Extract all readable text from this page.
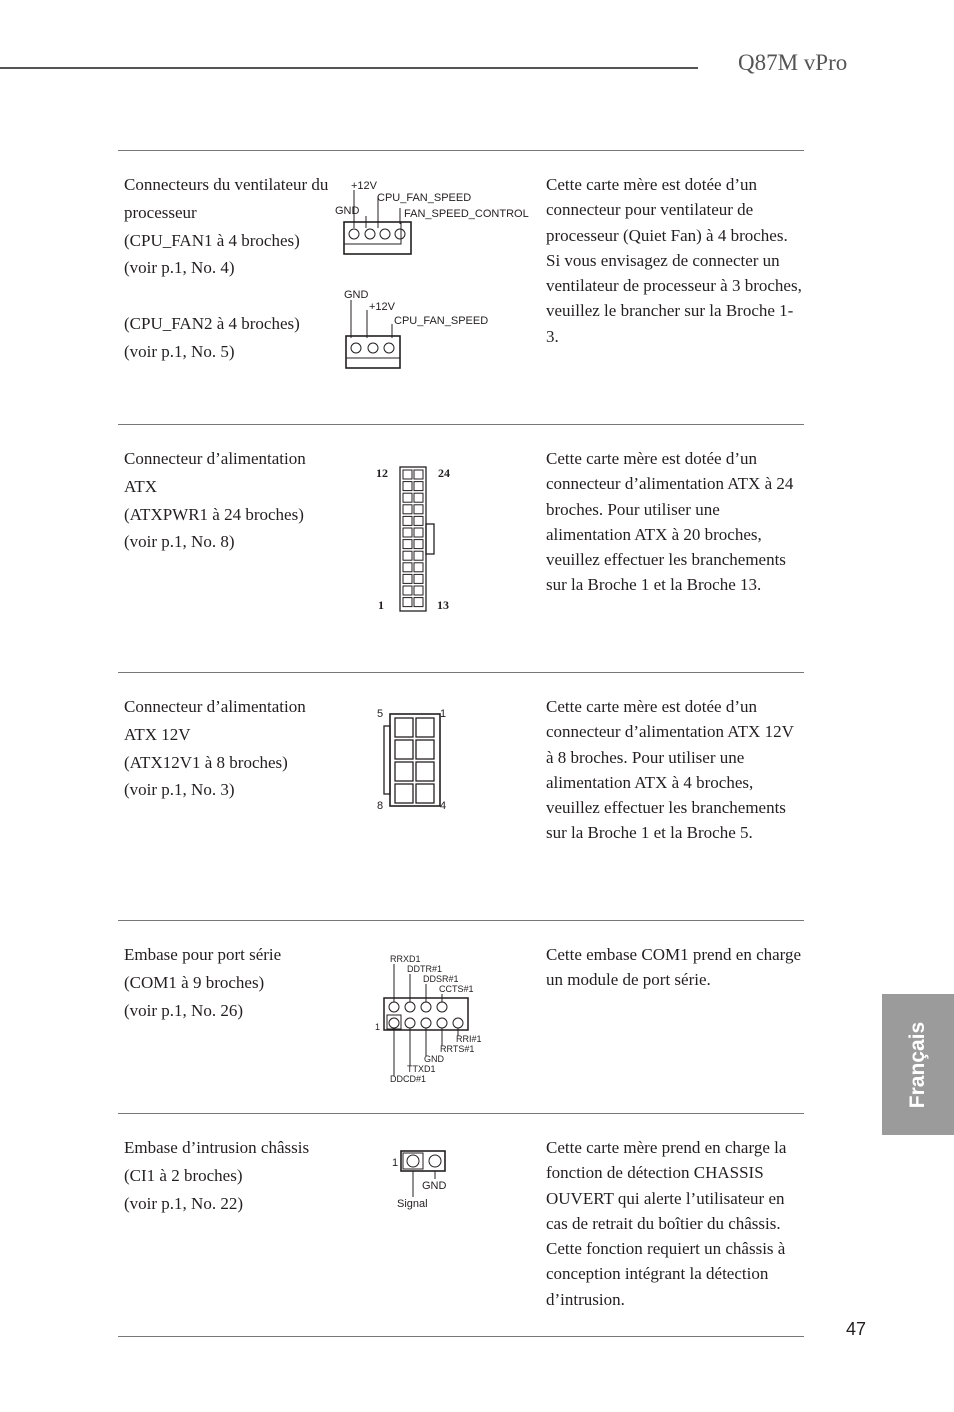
Q87M vPro

Connecteurs du ventilateur du processeur

(CPU_FAN1 à 4 broches)

(voir p.1, No. 4)

(CPU_FAN2 à 4 broches)

(voir p.1, No. 5)

+12V
CPU_FAN_SPEED
GND	FAN_SPEED_CONTROL
GND
+12V
CPU_FAN_SPEED
Cette carte mère est dotée d’un connecteur pour ventilateur de processeur (Quiet Fan) à 4 broches. Si vous envisagez de connecter un ventilateur de processeur à 3 broches, veuillez le brancher sur la Broche 1-3.

Connecteur d’alimentation ATX

(ATXPWR1 à 24 broches)

(voir p.1, No. 8)

12	24
1	13
Cette carte mère est dotée d’un connecteur d’alimentation ATX à 24 broches. Pour utiliser une alimentation ATX à 20 broches, veuillez effectuer les branchements sur la Broche 1 et la Broche 13.

Connecteur d’alimentation ATX 12V

(ATX12V1 à 8 broches)

(voir p.1, No. 3)

5	1
8	4
Cette carte mère est dotée d’un connecteur d’alimentation ATX 12V à 8 broches. Pour utiliser une alimentation ATX à 4 broches, veuillez effectuer les branchements sur la Broche 1 et la Broche 5.

Embase pour port série

(COM1 à 9 broches)

(voir p.1, No. 26)

RRXD1
DDTR#1
DDSR#1
CCTS#1
1
RRI#1
RRTS#1
GND
TTXD1
DDCD#1
Cette embase COM1 prend en charge un module de port série.

Embase d’intrusion châssis (CI1 à 2 broches)

(voir p.1, No. 22)

1
GND
Signal
Cette carte mère prend en charge la fonction de détection CHASSIS OUVERT qui alerte l’utilisateur en cas de retrait du boîtier du châssis. Cette fonction requiert un châssis à conception intégrant la détection d’intrusion.
Français
47
